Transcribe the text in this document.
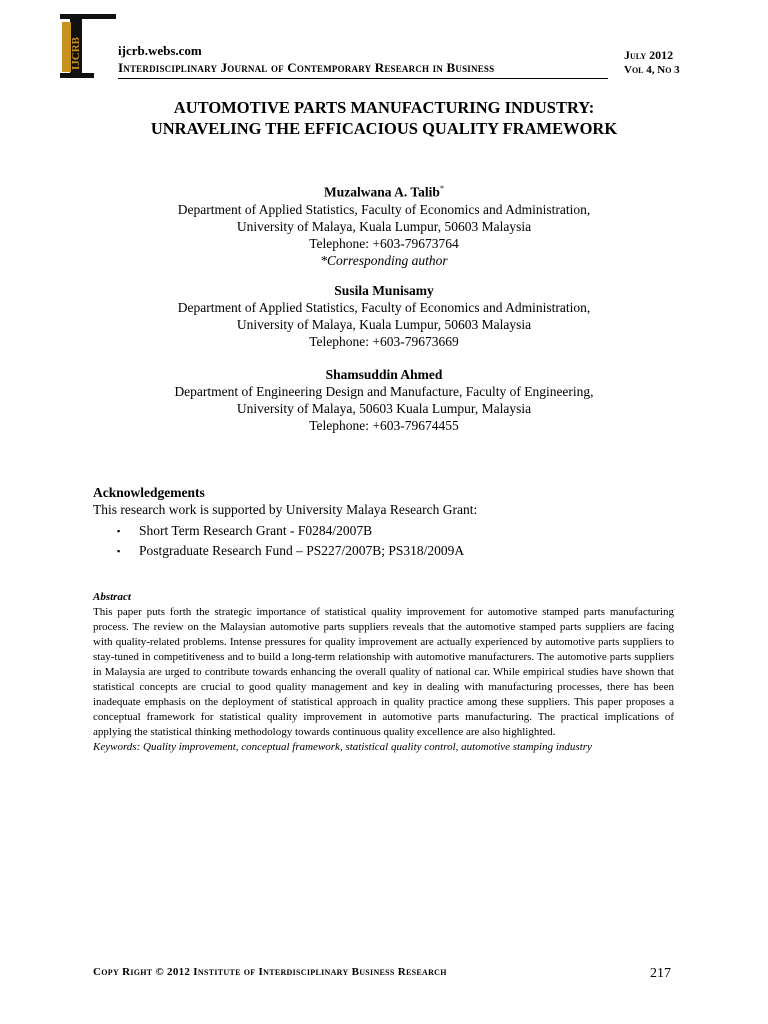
IJCRB	ijcrb.webs.com
Interdisciplinary Journal of Contemporary Research in Business
July 2012
Vol 4, No 3
AUTOMOTIVE PARTS MANUFACTURING INDUSTRY:
UNRAVELING THE EFFICACIOUS QUALITY FRAMEWORK
Muzalwana A. Talib*
Department of Applied Statistics, Faculty of Economics and Administration,
University of Malaya, Kuala Lumpur, 50603 Malaysia
Telephone: +603-79673764
*Corresponding author
Susila Munisamy
Department of Applied Statistics, Faculty of Economics and Administration,
University of Malaya, Kuala Lumpur, 50603 Malaysia
Telephone: +603-79673669
Shamsuddin Ahmed
Department of Engineering Design and Manufacture, Faculty of Engineering,
University of Malaya, 50603 Kuala Lumpur, Malaysia
Telephone: +603-79674455
Acknowledgements
This research work is supported by University Malaya Research Grant:
▪ Short Term Research Grant - F0284/2007B
▪ Postgraduate Research Fund – PS227/2007B; PS318/2009A
Abstract
This paper puts forth the strategic importance of statistical quality improvement for automotive stamped parts manufacturing process. The review on the Malaysian automotive parts suppliers reveals that the automotive stamped parts suppliers are facing with quality-related problems. Intense pressures for quality improvement are actually experienced by automotive parts suppliers to stay-tuned in competitiveness and to build a long-term relationship with automotive manufacturers. The automotive parts suppliers in Malaysia are urged to contribute towards enhancing the overall quality of national car. While empirical studies have shown that statistical concepts are crucial to good quality management and key in dealing with manufacturing processes, there has been inadequate emphasis on the deployment of statistical approach in quality practice among these suppliers. This paper proposes a conceptual framework for statistical quality improvement in automotive parts manufacturing. The practical implications of applying the statistical thinking methodology towards continuous quality excellence are also highlighted.
Keywords: Quality improvement, conceptual framework, statistical quality control, automotive stamping industry
Copy Right © 2012 Institute of Interdisciplinary Business Research	217
